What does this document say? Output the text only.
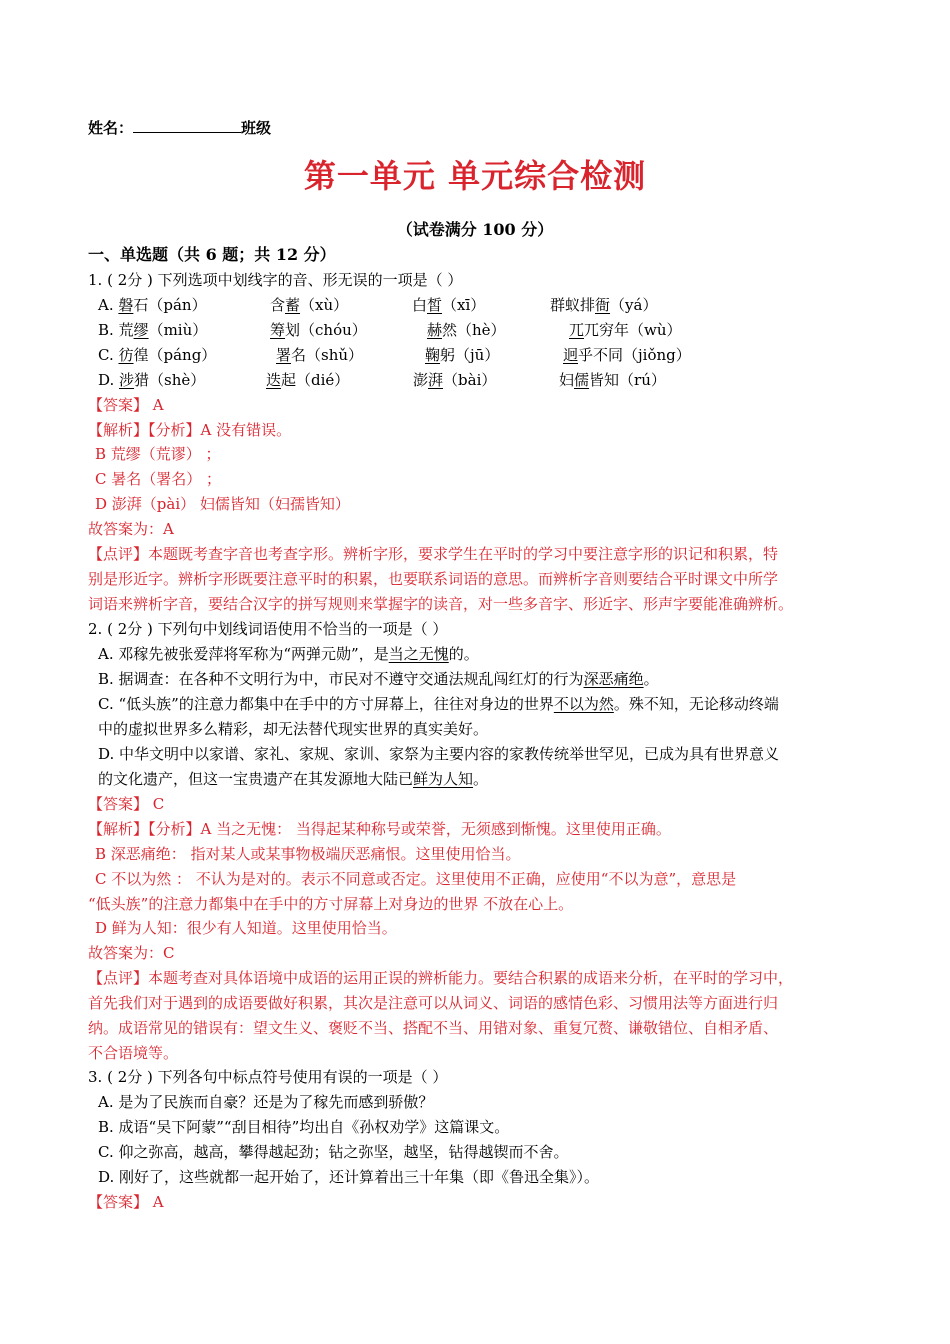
姓名：	班级
第一单元 单元综合检测
（试卷满分 100 分）
一、单选题（共 6 题；共 12 分）
1. ( 2分 ) 下列选项中划线字的音、形无误的一项是（ ）
A. 磐石（pán）	含蓄（xù）	白皙（xī）	群蚁排衙（yá）
B. 荒缪（miù）	筹划（chóu）	赫然（hè）	兀兀穷年（wù）
C. 彷徨（páng）	署名（shǔ）	鞠躬（jū）	迥乎不同（jiǒng）
D. 涉猎（shè）	迭起（dié）	澎湃（bài）	妇儒皆知（rú）
【答案】 A
【解析】【分析】A 没有错误。
B 荒缪（荒谬） ；
C 暑名（署名） ；
D 澎湃（pài） 妇儒皆知（妇孺皆知）
故答案为：A
【点评】本题既考查字音也考查字形。辨析字形，要求学生在平时的学习中要注意字形的识记和积累，特
别是形近字。辨析字形既要注意平时的积累，也要联系词语的意思。而辨析字音则要结合平时课文中所学
词语来辨析字音，要结合汉字的拼写规则来掌握字的读音，对一些多音字、形近字、形声字要能准确辨析。
2. ( 2分 ) 下列句中划线词语使用不恰当的一项是（ ）
A. 邓稼先被张爱萍将军称为“两弹元勋”，是当之无愧的。
B. 据调查：在各种不文明行为中，市民对不遵守交通法规乱闯红灯的行为深恶痛绝。
C. “低头族”的注意力都集中在手中的方寸屏幕上，往往对身边的世界不以为然。殊不知，无论移动终端
中的虚拟世界多么精彩，却无法替代现实世界的真实美好。
D. 中华文明中以家谱、家礼、家规、家训、家祭为主要内容的家教传统举世罕见，已成为具有世界意义
的文化遗产，但这一宝贵遗产在其发源地大陆已鲜为人知。
【答案】 C
【解析】【分析】A 当之无愧： 当得起某种称号或荣誉，无须感到惭愧。这里使用正确。
B 深恶痛绝： 指对某人或某事物极端厌恶痛恨。这里使用恰当。
C 不以为然 ： 不认为是对的。表示不同意或否定。这里使用不正确，应使用“不以为意”，意思是
“低头族”的注意力都集中在手中的方寸屏幕上对身边的世界 不放在心上。
D 鲜为人知：很少有人知道。这里使用恰当。
故答案为：C
【点评】本题考查对具体语境中成语的运用正误的辨析能力。要结合积累的成语来分析，在平时的学习中，
首先我们对于遇到的成语要做好积累，其次是注意可以从词义、词语的感情色彩、习惯用法等方面进行归
纳。成语常见的错误有：望文生义、褒贬不当、搭配不当、用错对象、重复冗赘、谦敬错位、自相矛盾、
不合语境等。
3. ( 2分 ) 下列各句中标点符号使用有误的一项是（ ）
A. 是为了民族而自豪？还是为了稼先而感到骄傲？
B. 成语“吴下阿蒙”“刮目相待”均出自《孙权劝学》这篇课文。
C. 仰之弥高，越高，攀得越起劲；钻之弥坚，越坚，钻得越锲而不舍。
D. 刚好了，这些就都一起开始了，还计算着出三十年集（即《鲁迅全集》）。
【答案】 A
